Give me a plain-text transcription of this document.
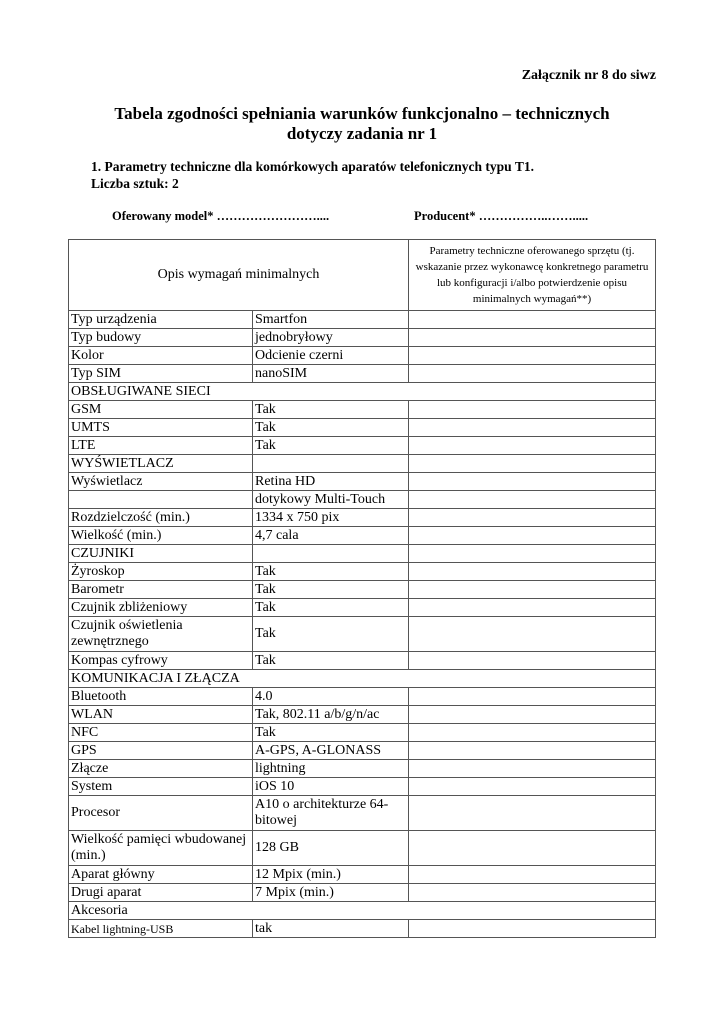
Załącznik nr 8 do siwz
Tabela zgodności spełniania warunków funkcjonalno – technicznych
dotyczy zadania nr 1
1. Parametry techniczne dla komórkowych aparatów telefonicznych typu T1.
Liczba sztuk: 2
Oferowany model* ……………………....	Producent* ……………..…….....
Opis wymagań minimalnych		Parametry techniczne oferowanego sprzętu (tj. wskazanie przez wykonawcę konkretnego parametru lub konfiguracji i/albo potwierdzenie opisu minimalnych wymagań**)
Typ urządzenia	Smartfon	
Typ budowy	jednobryłowy	
Kolor	Odcienie czerni	
Typ SIM	nanoSIM	
OBSŁUGIWANE SIECI		
GSM	Tak	
UMTS	Tak	
LTE	Tak	
WYŚWIETLACZ		
Wyświetlacz	Retina HD	
	dotykowy Multi-Touch	
Rozdzielczość (min.)	1334 x 750 pix	
Wielkość (min.)	4,7 cala	
CZUJNIKI		
Żyroskop	Tak	
Barometr	Tak	
Czujnik zbliżeniowy	Tak	
Czujnik oświetlenia zewnętrznego	Tak	
Kompas cyfrowy	Tak	
KOMUNIKACJA I ZŁĄCZA		
Bluetooth	4.0	
WLAN	Tak, 802.11 a/b/g/n/ac	
NFC	Tak	
GPS	A-GPS, A-GLONASS	
Złącze	lightning	
System	iOS 10	
Procesor	A10 o architekturze 64-bitowej	
Wielkość pamięci wbudowanej (min.)	128 GB	
Aparat główny	12 Mpix (min.)	
Drugi aparat	7 Mpix (min.)	
Akcesoria		
Kabel lightning-USB	tak	
